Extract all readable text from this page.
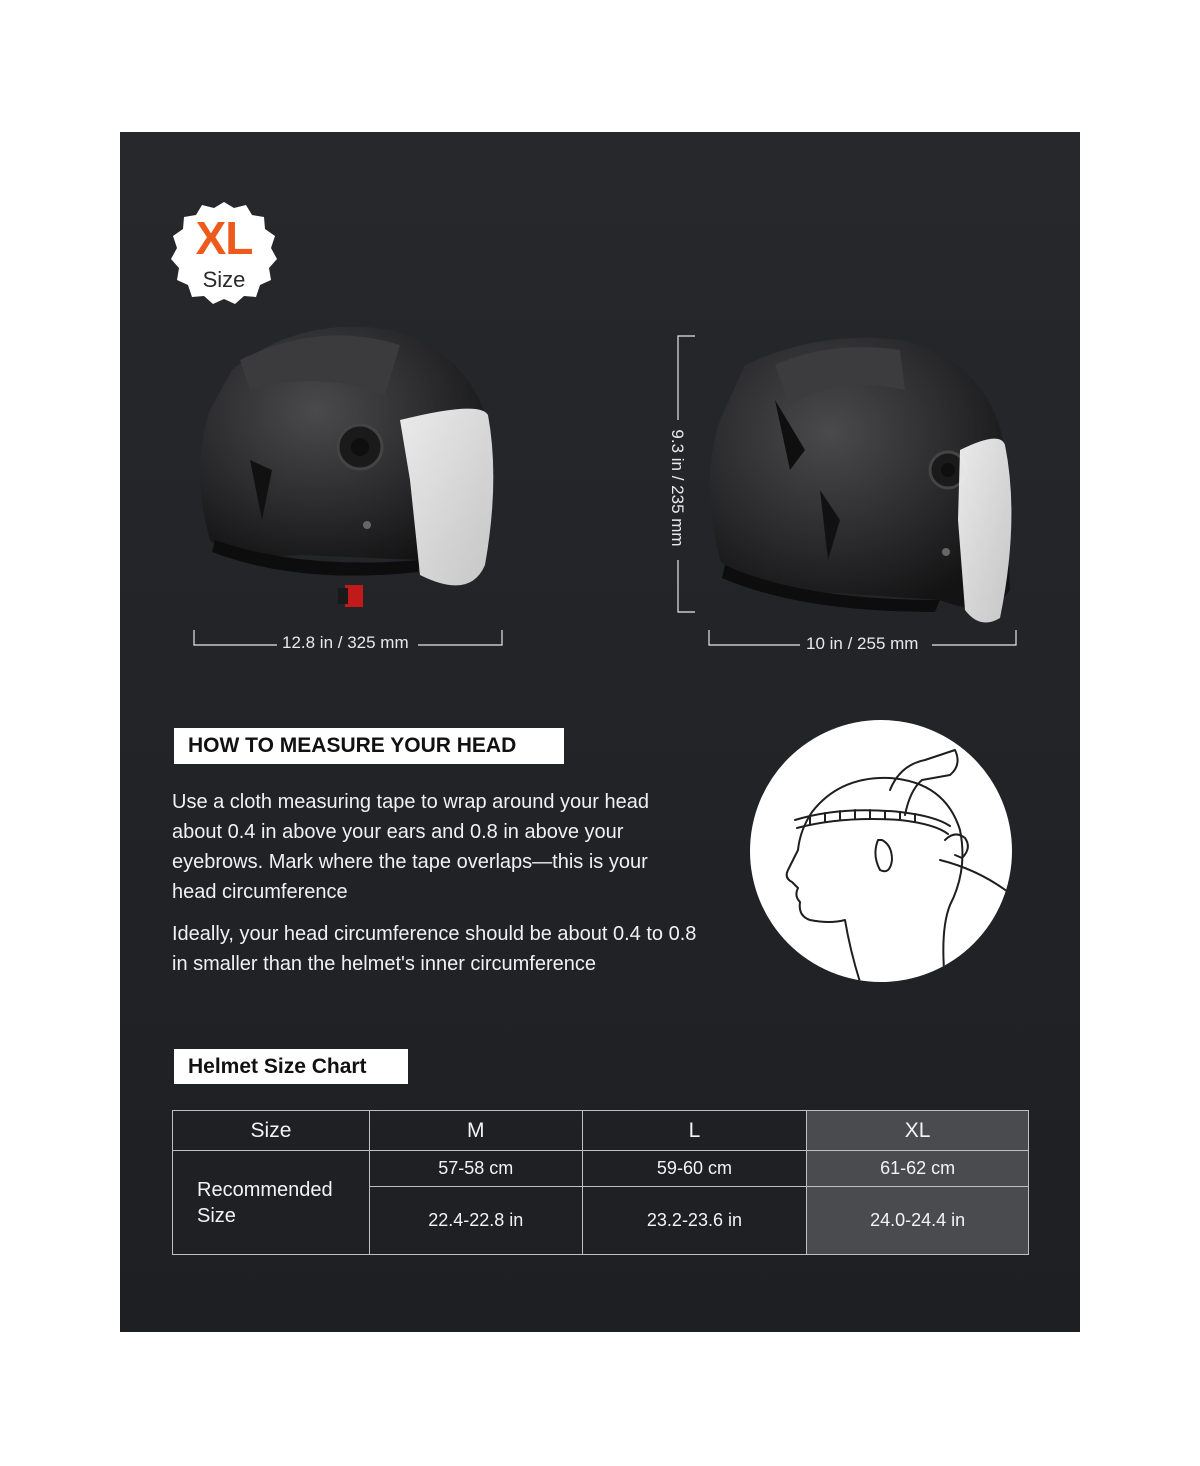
XL
Size
12.8 in / 325 mm	10 in / 255 mm
9.3 in / 235 mm
HOW TO MEASURE YOUR HEAD
Use a cloth measuring tape to wrap around your head about 0.4 in above your ears and 0.8 in above your eyebrows. Mark where the tape overlaps—this is your head circumference
Ideally, your head circumference should be about 0.4 to 0.8 in smaller than the helmet's inner circumference
Helmet Size Chart
Size	M	L	XL
Recommended Size	57-58 cm	59-60 cm	61-62 cm
	22.4-22.8 in	23.2-23.6 in	24.0-24.4 in
